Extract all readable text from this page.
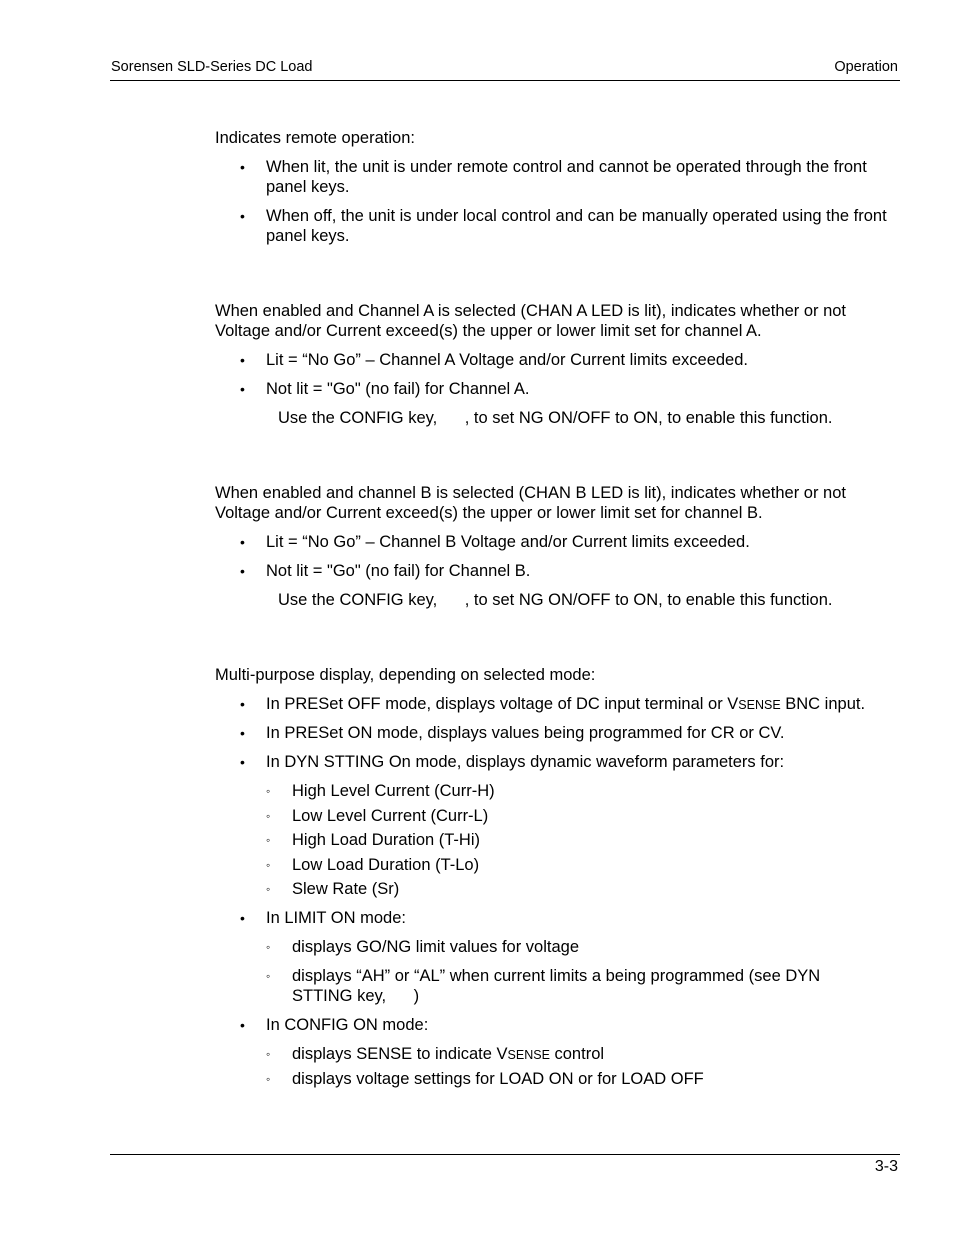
Sorensen SLD-Series DC Load	Operation
Indicates remote operation:
• When lit, the unit is under remote control and cannot be operated through the front panel keys.
• When off, the unit is under local control and can be manually operated using the front panel keys.
When enabled and Channel A is selected (CHAN A LED is lit), indicates whether or not
Voltage and/or Current exceed(s) the upper or lower limit set for channel A.
• Lit = “No Go” – Channel A Voltage and/or Current limits exceeded.
• Not lit = "Go" (no fail) for Channel A.
Use the CONFIG key,      , to set NG ON/OFF to ON, to enable this function.
When enabled and channel B is selected (CHAN B LED is lit), indicates whether or not
Voltage and/or Current exceed(s) the upper or lower limit set for channel B.
• Lit = “No Go” – Channel B Voltage and/or Current limits exceeded.
• Not lit = "Go" (no fail) for Channel B.
Use the CONFIG key,      , to set NG ON/OFF to ON, to enable this function.
Multi-purpose display, depending on selected mode:
• In PRESet OFF mode, displays voltage of DC input terminal or VSENSE BNC input.
• In PRESet ON mode, displays values being programmed for CR or CV.
• In DYN STTING On mode, displays dynamic waveform parameters for:
◦ High Level Current (Curr-H)
◦ Low Level Current (Curr-L)
◦ High Load Duration (T-Hi)
◦ Low Load Duration (T-Lo)
◦ Slew Rate (Sr)
• In LIMIT ON mode:
◦ displays GO/NG limit values for voltage
◦ displays “AH” or “AL” when current limits a being programmed (see DYN STTING key,      )
• In CONFIG ON mode:
◦ displays SENSE to indicate VSENSE control
◦ displays voltage settings for LOAD ON or for LOAD OFF
3-3
